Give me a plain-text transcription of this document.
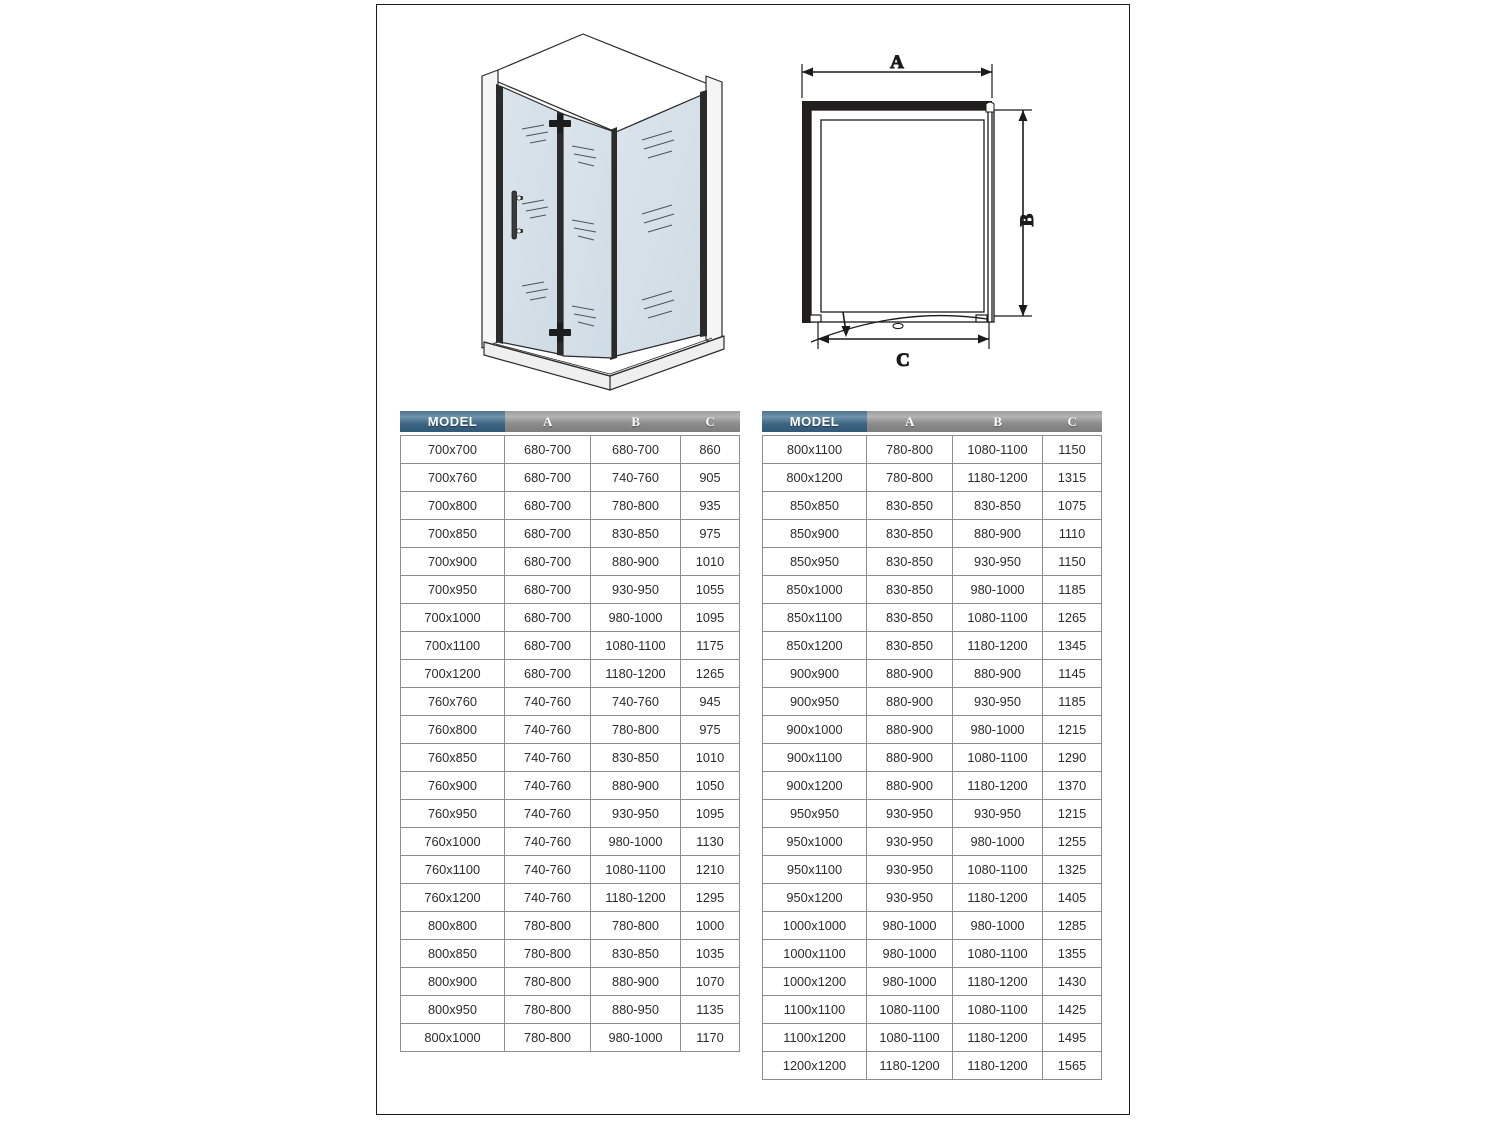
A
B
C
MODEL	A	B	C

700x700	680-700	680-700	860
700x760	680-700	740-760	905
700x800	680-700	780-800	935
700x850	680-700	830-850	975
700x900	680-700	880-900	1010
700x950	680-700	930-950	1055
700x1000	680-700	980-1000	1095
700x1100	680-700	1080-1100	1175
700x1200	680-700	1180-1200	1265
760x760	740-760	740-760	945
760x800	740-760	780-800	975
760x850	740-760	830-850	1010
760x900	740-760	880-900	1050
760x950	740-760	930-950	1095
760x1000	740-760	980-1000	1130
760x1100	740-760	1080-1100	1210
760x1200	740-760	1180-1200	1295
800x800	780-800	780-800	1000
800x850	780-800	830-850	1035
800x900	780-800	880-900	1070
800x950	780-800	880-950	1135
800x1000	780-800	980-1000	1170
MODEL	A	B	C

800x1100	780-800	1080-1100	1150
800x1200	780-800	1180-1200	1315
850x850	830-850	830-850	1075
850x900	830-850	880-900	1110
850x950	830-850	930-950	1150
850x1000	830-850	980-1000	1185
850x1100	830-850	1080-1100	1265
850x1200	830-850	1180-1200	1345
900x900	880-900	880-900	1145
900x950	880-900	930-950	1185
900x1000	880-900	980-1000	1215
900x1100	880-900	1080-1100	1290
900x1200	880-900	1180-1200	1370
950x950	930-950	930-950	1215
950x1000	930-950	980-1000	1255
950x1100	930-950	1080-1100	1325
950x1200	930-950	1180-1200	1405
1000x1000	980-1000	980-1000	1285
1000x1100	980-1000	1080-1100	1355
1000x1200	980-1000	1180-1200	1430
1100x1100	1080-1100	1080-1100	1425
1100x1200	1080-1100	1180-1200	1495
1200x1200	1180-1200	1180-1200	1565
